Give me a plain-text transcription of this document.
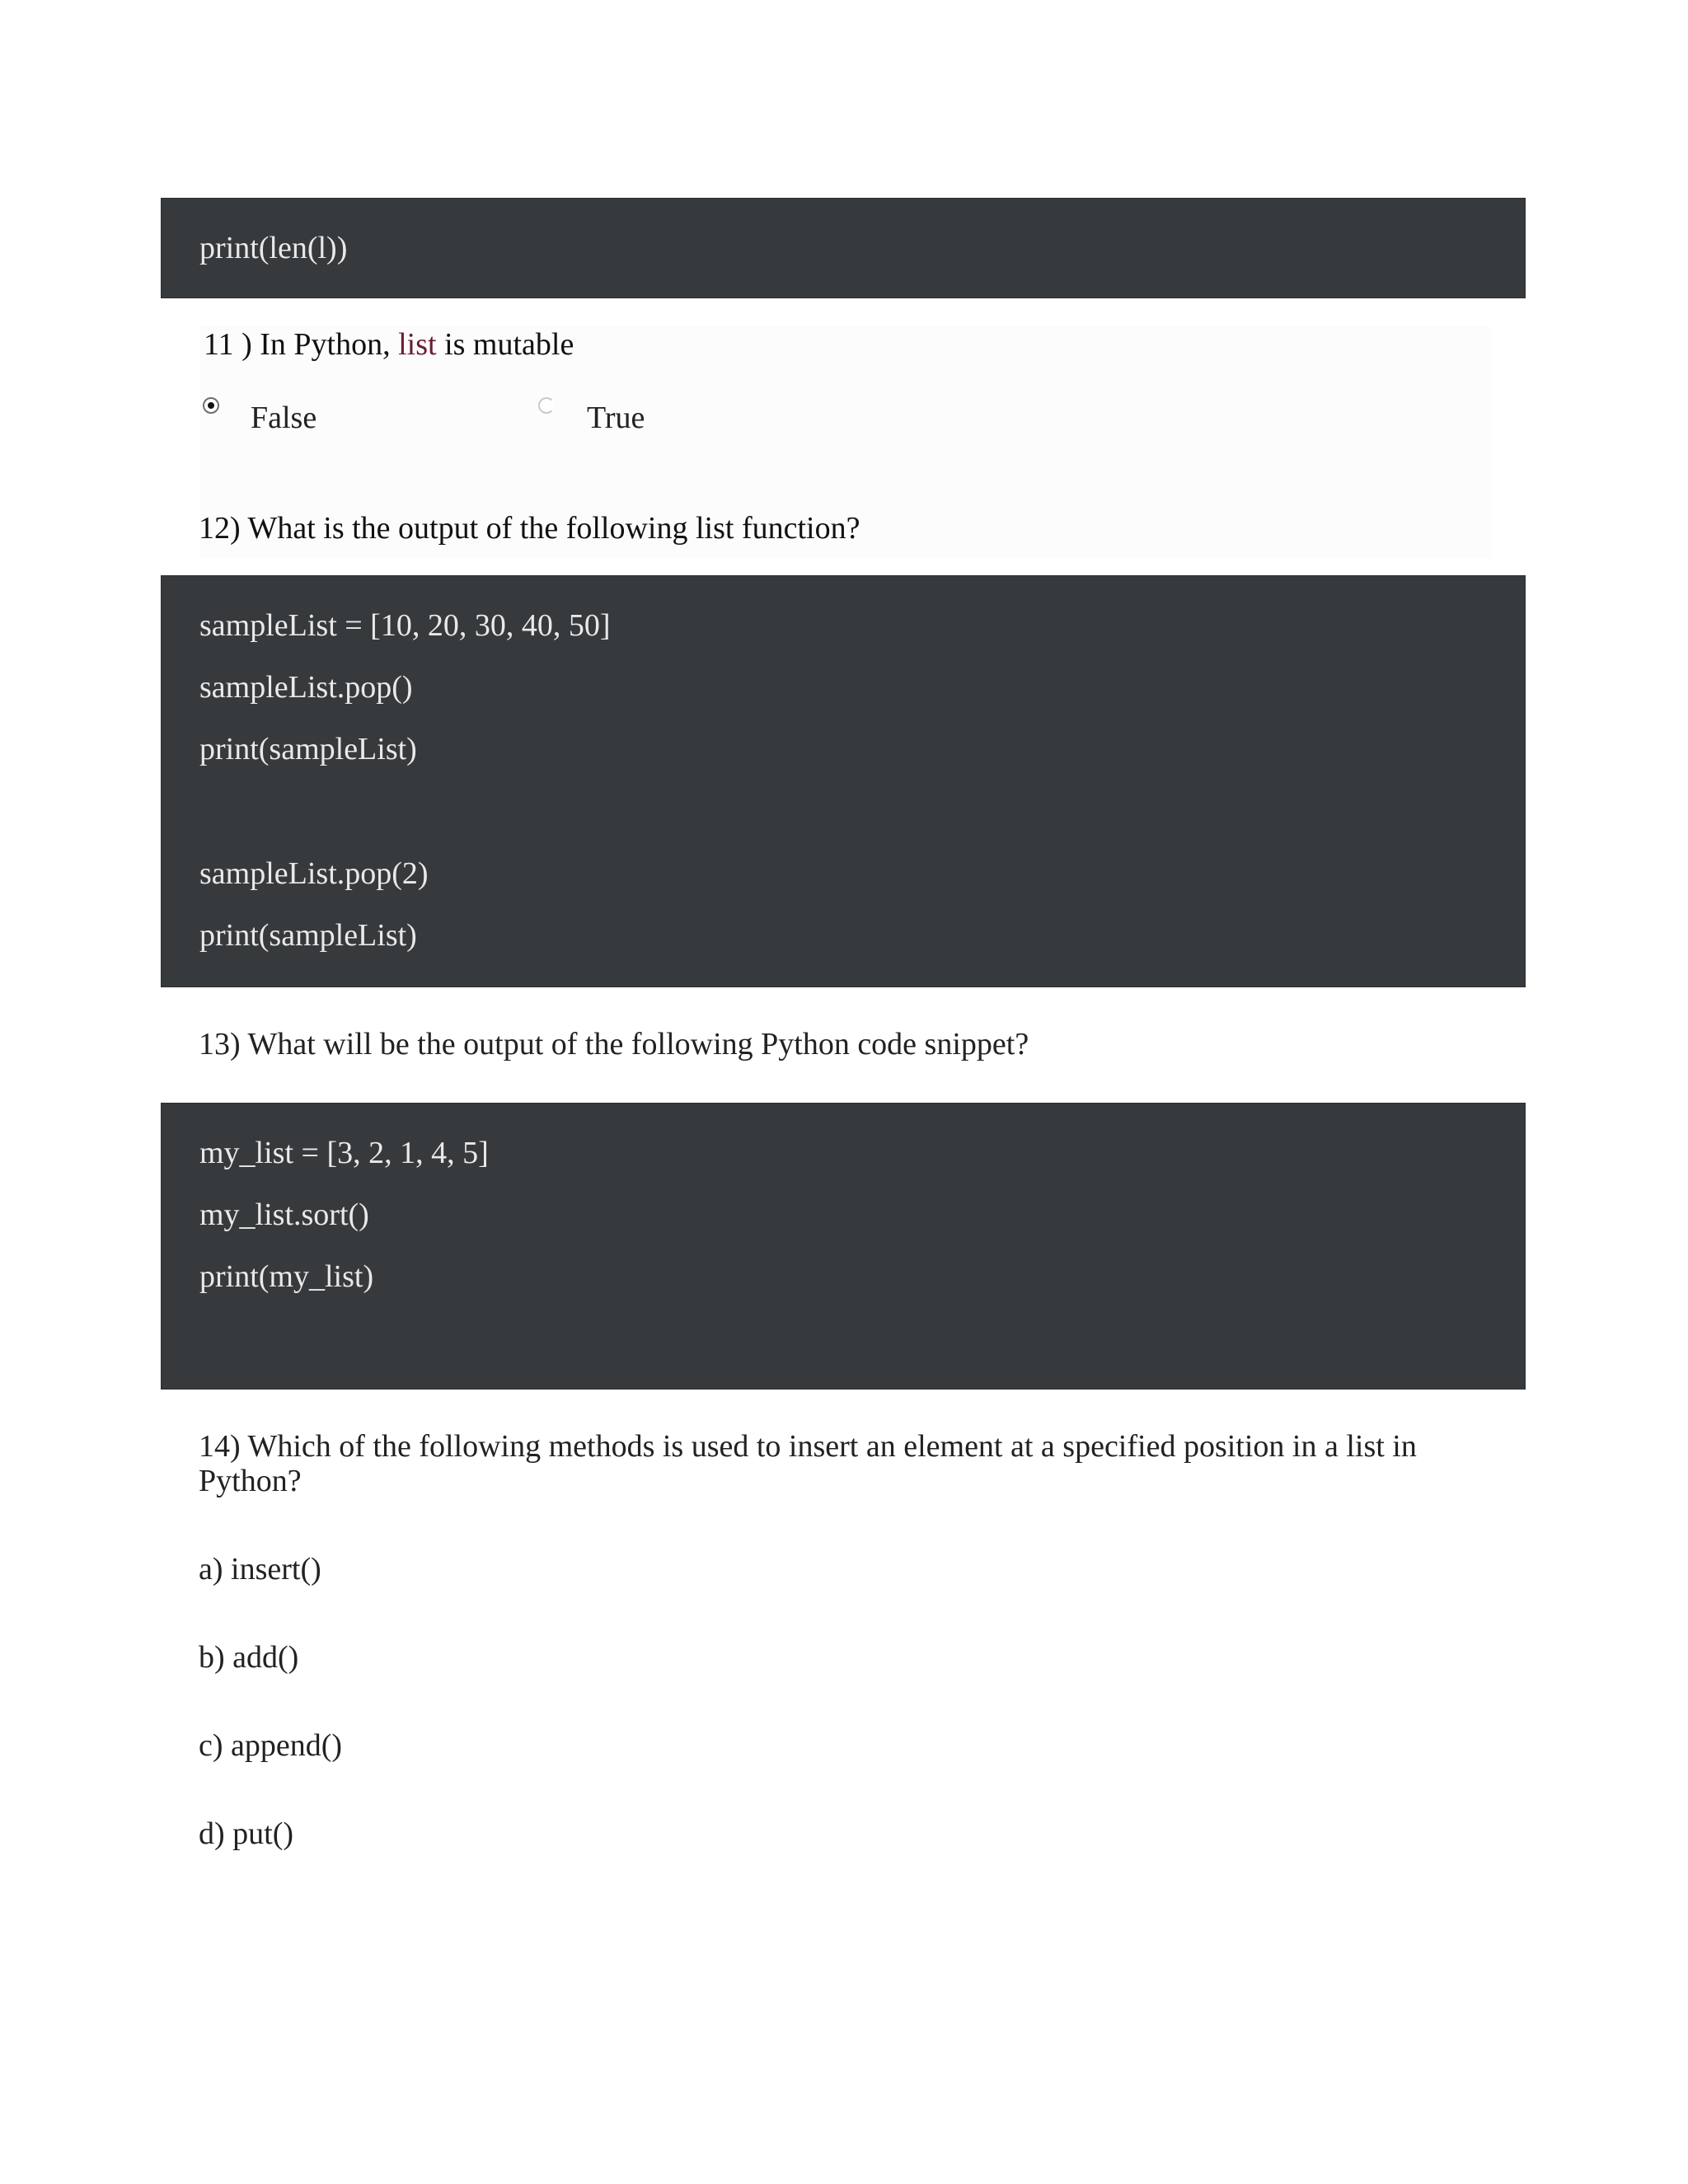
print(len(l))
11 ) In Python, list is mutable
False	True
12) What is the output of the following list function?
sampleList = [10, 20, 30, 40, 50]
sampleList.pop()
print(sampleList)
sampleList.pop(2)
print(sampleList)
13) What will be the output of the following Python code snippet?
my_list = [3, 2, 1, 4, 5]
my_list.sort()
print(my_list)
14) Which of the following methods is used to insert an element at a specified position in a list in
Python?
a) insert()
b) add()
c) append()
d) put()
